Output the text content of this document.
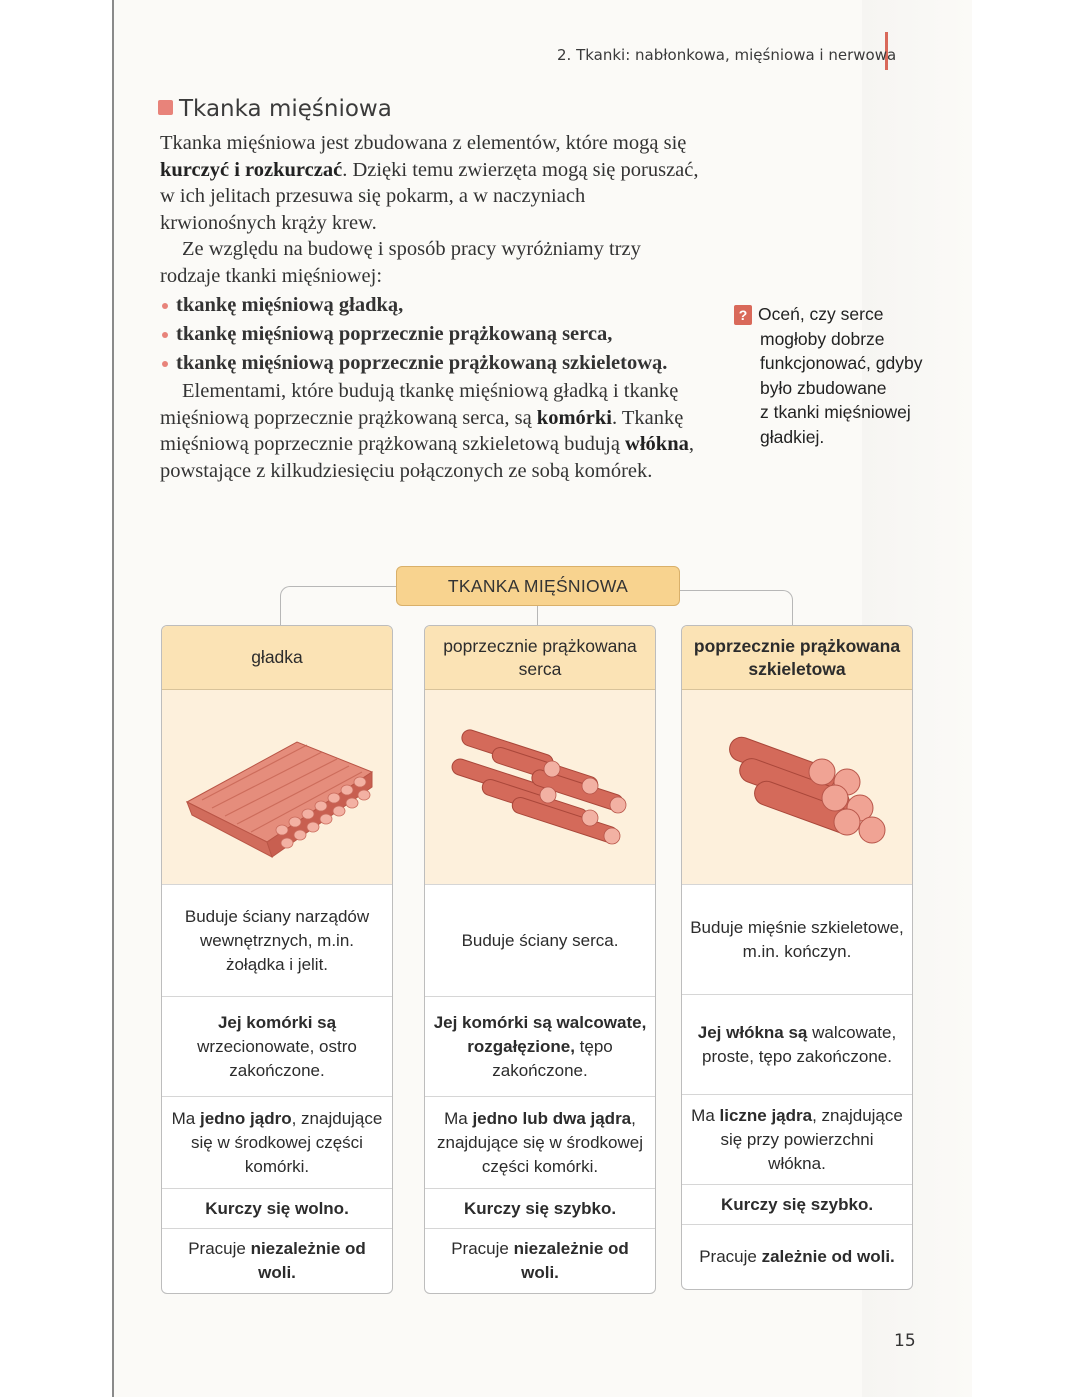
2. Tkanki: nabłonkowa, mięśniowa i nerwowa
Tkanka mięśniowa

Tkanka mięśniowa jest zbudowana z elementów, które mogą się kurczyć i rozkurczać. Dzięki temu zwierzęta mogą się poruszać, w ich jelitach przesuwa się pokarm, a w naczyniach krwionośnych krąży krew.

Ze względu na budowę i sposób pracy wyróżniamy trzy rodzaje tkanki mięśniowej:

tkankę mięśniową gładką,
tkankę mięśniową poprzecznie prążkowaną serca,
tkankę mięśniową poprzecznie prążkowaną szkieletową.

Elementami, które budują tkankę mięśniową gładką i tkankę mięśniową poprzecznie prążkowaną serca, są komórki. Tkankę mięśniową poprzecznie prążkowaną szkieletową budują włókna, powstające z kilkudziesięciu połączonych ze sobą komórek.

? Oceń, czy serce
mogłoby dobrze
funkcjonować, gdyby
było zbudowane
z tkanki mięśniowej
gładkiej.
TKANKA MIĘŚNIOWA
gładka
Buduje ściany narządów wewnętrznych, m.in. żołądka i jelit.
Jej komórki są wrzecionowate, ostro zakończone.
Ma jedno jądro, znajdujące się w środkowej części komórki.
Kurczy się wolno.
Pracuje niezależnie od woli.
poprzecznie prążkowana serca
Buduje ściany serca.
Jej komórki są walcowate, rozgałęzione, tępo zakończone.
Ma jedno lub dwa jądra, znajdujące się w środkowej części komórki.
Kurczy się szybko.
Pracuje niezależnie od woli.
poprzecznie prążkowana szkieletowa
Buduje mięśnie szkieletowe, m.in. kończyn.
Jej włókna są walcowate, proste, tępo zakończone.
Ma liczne jądra, znajdujące się przy powierzchni włókna.
Kurczy się szybko.
Pracuje zależnie od woli.
15
